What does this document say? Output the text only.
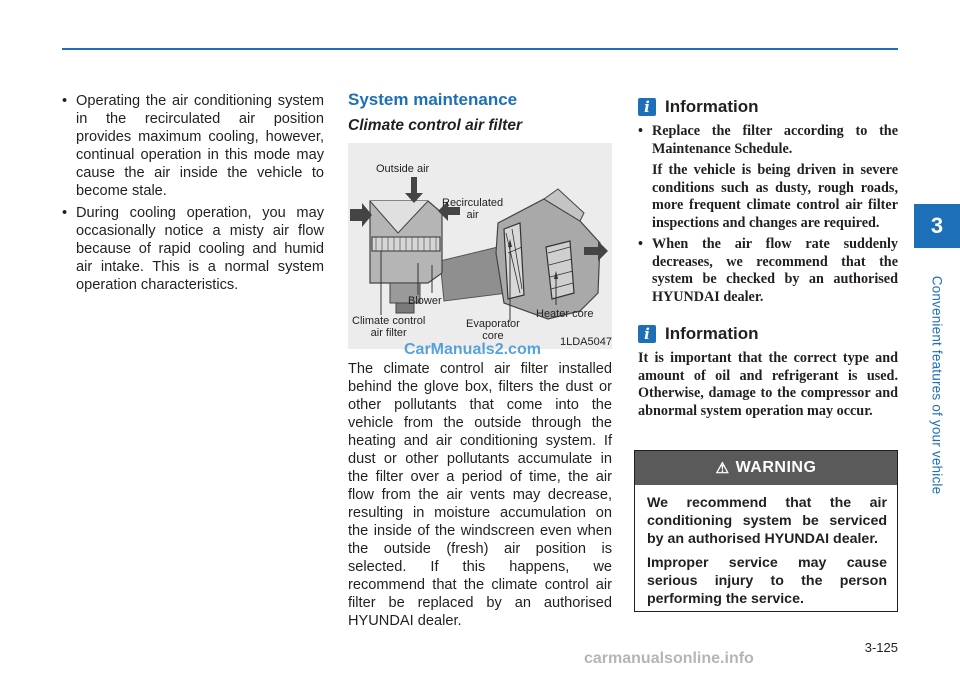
3
Convenient features of your vehicle
• Operating the air conditioning system in the recirculated air position provides maximum cooling, however, continual operation in this mode may cause the air inside the vehicle to become stale.
• During cooling operation, you may occasionally notice a misty air flow because of rapid cooling and humid air intake. This is a normal system operation characteristics.
System maintenance
Climate control air filter
Outside air
Recirculated
air
Blower
Climate control
air filter
Evaporator
core
Heater core
1LDA5047
CarManuals2.com
The climate control air filter installed behind the glove box, filters the dust or other pollutants that come into the vehicle from the outside through the heating and air conditioning system. If dust or other pollutants accumulate in the filter over a period of time, the air flow from the air vents may decrease, resulting in moisture accumulation on the inside of the windscreen even when the outside (fresh) air position is selected. If this happens, we recommend that the climate control air filter be replaced by an authorised HYUNDAI dealer.
i Information

• Replace the filter according to the Maintenance Schedule.

If the vehicle is being driven in severe conditions such as dusty, rough roads, more frequent climate control air filter inspections and changes are required.

• When the air flow rate suddenly decreases, we recommend that the system be checked by an authorised HYUNDAI dealer.

i Information
It is important that the correct type and amount of oil and refrigerant is used. Otherwise, damage to the compressor and abnormal system operation may occur.
⚠ WARNING

We recommend that the air conditioning system be serviced by an authorised HYUNDAI dealer.

Improper service may cause serious injury to the person performing the service.

3-125
carmanualsonline.info
